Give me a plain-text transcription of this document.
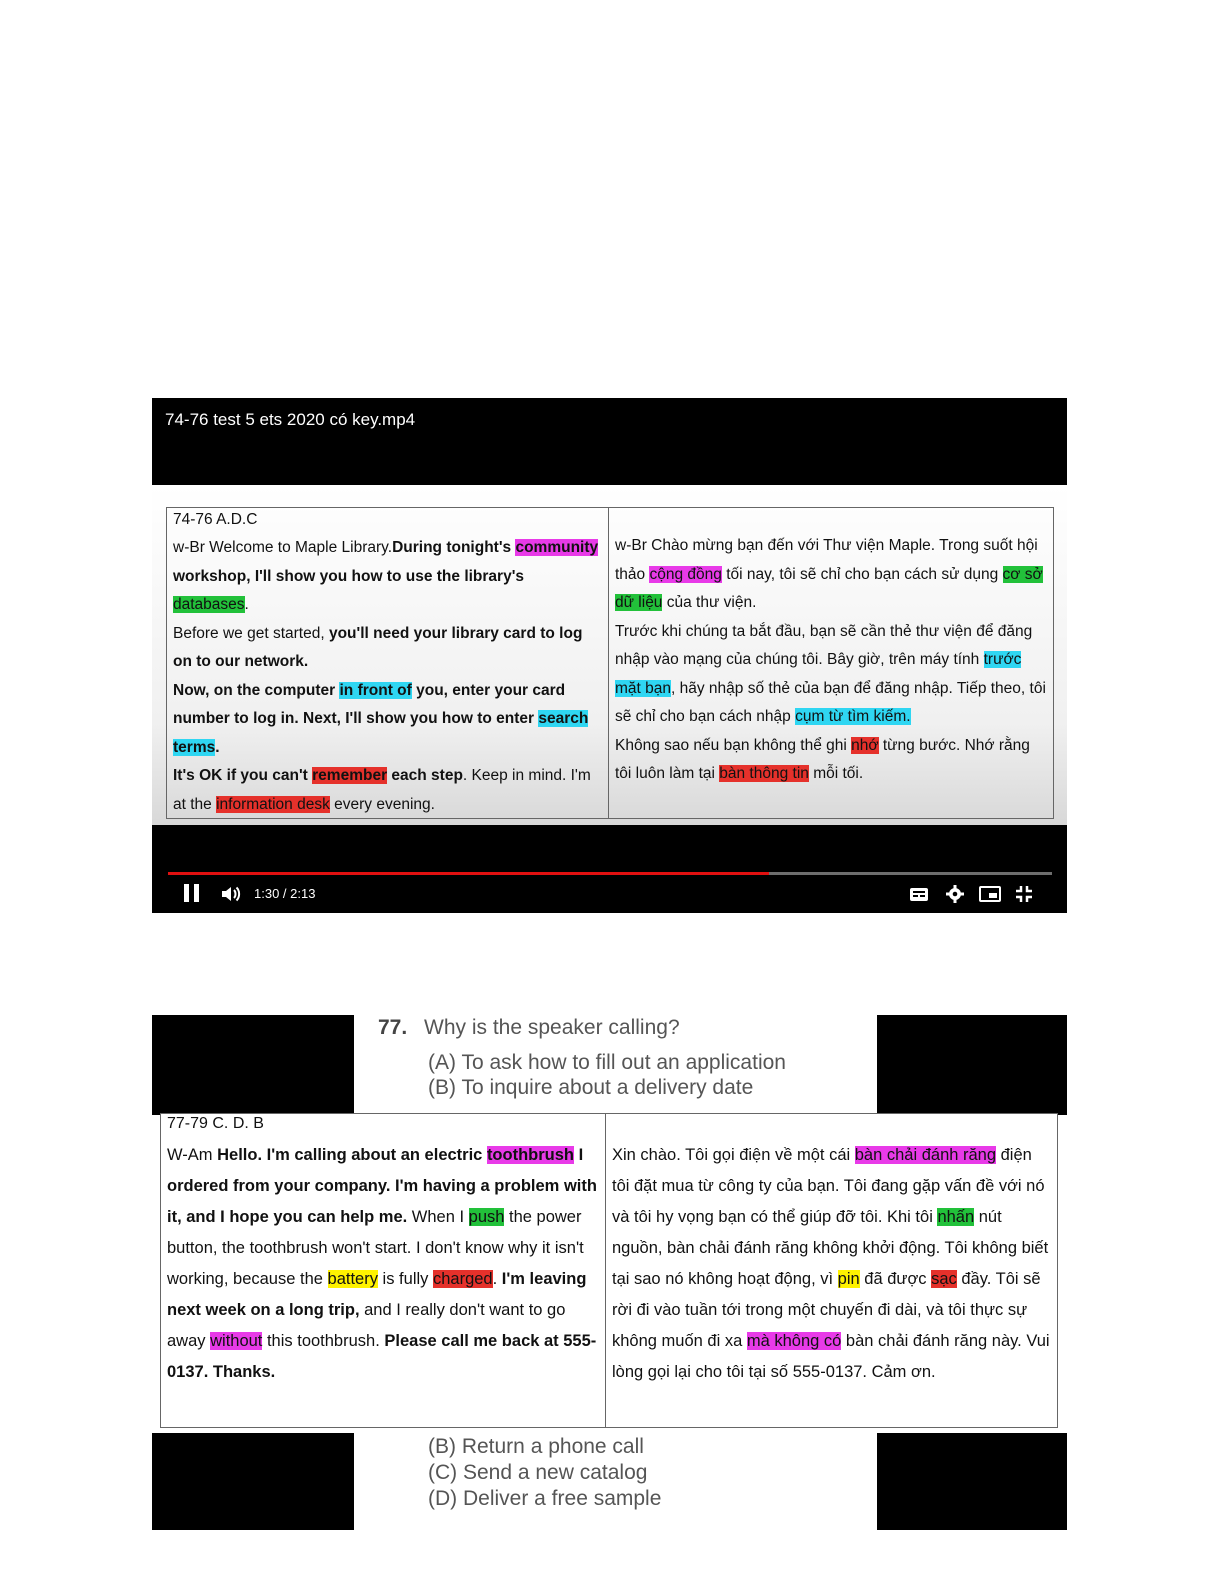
74-76 test 5 ets 2020 có key.mp4
74-76 A.D.C
w-Br Welcome to Maple Library.During tonight's community workshop, I'll show you how to use the library's databases.
Before we get started, you'll need your library card to log on to our network.
Now, on the computer in front of you, enter your card number to log in. Next, I'll show you how to enter search terms.
It's OK if you can't remember each step. Keep in mind. I'm at the information desk every evening.
w-Br Chào mừng bạn đến với Thư viện Maple. Trong suốt hội thảo cộng đồng tối nay, tôi sẽ chỉ cho bạn cách sử dụng cơ sở dữ liệu của thư viện.
Trước khi chúng ta bắt đầu, bạn sẽ cần thẻ thư viện để đăng nhập vào mạng của chúng tôi. Bây giờ, trên máy tính trước mặt bạn, hãy nhập số thẻ của bạn để đăng nhập. Tiếp theo, tôi sẽ chỉ cho bạn cách nhập cụm từ tìm kiếm.
Không sao nếu bạn không thể ghi nhớ từng bước. Nhớ rằng tôi luôn làm tại bàn thông tin mỗi tối.
1:30 / 2:13
77. Why is the speaker calling?
(A) To ask how to fill out an application
(B) To inquire about a delivery date
77-79 C. D. B
W-Am Hello. I'm calling about an electric toothbrush I ordered from your company. I'm having a problem with it, and I hope you can help me. When I push the power button, the toothbrush won't start. I don't know why it isn't working, because the battery is fully charged. I'm leaving next week on a long trip, and I really don't want to go away without this toothbrush. Please call me back at 555-0137. Thanks.
Xin chào. Tôi gọi điện về một cái bàn chải đánh răng điện tôi đặt mua từ công ty của bạn. Tôi đang gặp vấn đề với nó và tôi hy vọng bạn có thể giúp đỡ tôi. Khi tôi nhấn nút nguồn, bàn chải đánh răng không khởi động. Tôi không biết tại sao nó không hoạt động, vì pin đã được sạc đầy. Tôi sẽ rời đi vào tuần tới trong một chuyến đi dài, và tôi thực sự không muốn đi xa mà không có bàn chải đánh răng này. Vui lòng gọi lại cho tôi tại số 555-0137. Cảm ơn.
(B) Return a phone call
(C) Send a new catalog
(D) Deliver a free sample
